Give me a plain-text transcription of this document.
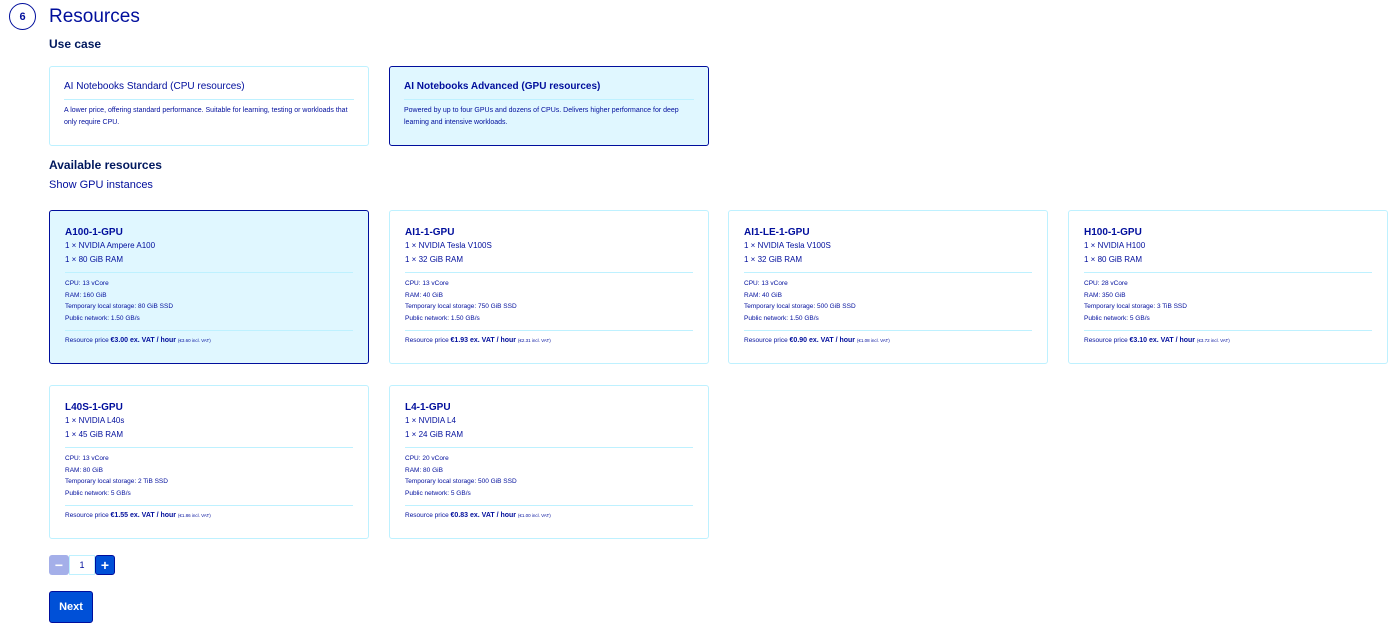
6	Resources
Use case
AI Notebooks Standard (CPU resources)
A lower price, offering standard performance. Suitable for learning, testing or workloads that only require CPU.
AI Notebooks Advanced (GPU resources)
Powered by up to four GPUs and dozens of CPUs. Delivers higher performance for deep learning and intensive workloads.
Available resources
Show GPU instances
A100-1-GPU
1 × NVIDIA Ampere A100
1 × 80 GiB RAM
CPU: 13 vCore
RAM: 160 GiB
Temporary local storage: 80 GiB SSD
Public network: 1.50 GB/s
Resource price €3.00 ex. VAT / hour (€3.60 incl. VAT)
AI1-1-GPU
1 × NVIDIA Tesla V100S
1 × 32 GiB RAM
CPU: 13 vCore
RAM: 40 GiB
Temporary local storage: 750 GiB SSD
Public network: 1.50 GB/s
Resource price €1.93 ex. VAT / hour (€2.31 incl. VAT)
AI1-LE-1-GPU
1 × NVIDIA Tesla V100S
1 × 32 GiB RAM
CPU: 13 vCore
RAM: 40 GiB
Temporary local storage: 500 GiB SSD
Public network: 1.50 GB/s
Resource price €0.90 ex. VAT / hour (€1.08 incl. VAT)
H100-1-GPU
1 × NVIDIA H100
1 × 80 GiB RAM
CPU: 28 vCore
RAM: 350 GiB
Temporary local storage: 3 TiB SSD
Public network: 5 GB/s
Resource price €3.10 ex. VAT / hour (€3.72 incl. VAT)
L40S-1-GPU
1 × NVIDIA L40s
1 × 45 GiB RAM
CPU: 13 vCore
RAM: 80 GiB
Temporary local storage: 2 TiB SSD
Public network: 5 GB/s
Resource price €1.55 ex. VAT / hour (€1.86 incl. VAT)
L4-1-GPU
1 × NVIDIA L4
1 × 24 GiB RAM
CPU: 20 vCore
RAM: 80 GiB
Temporary local storage: 500 GiB SSD
Public network: 5 GB/s
Resource price €0.83 ex. VAT / hour (€1.00 incl. VAT)
−	1	+
Next
